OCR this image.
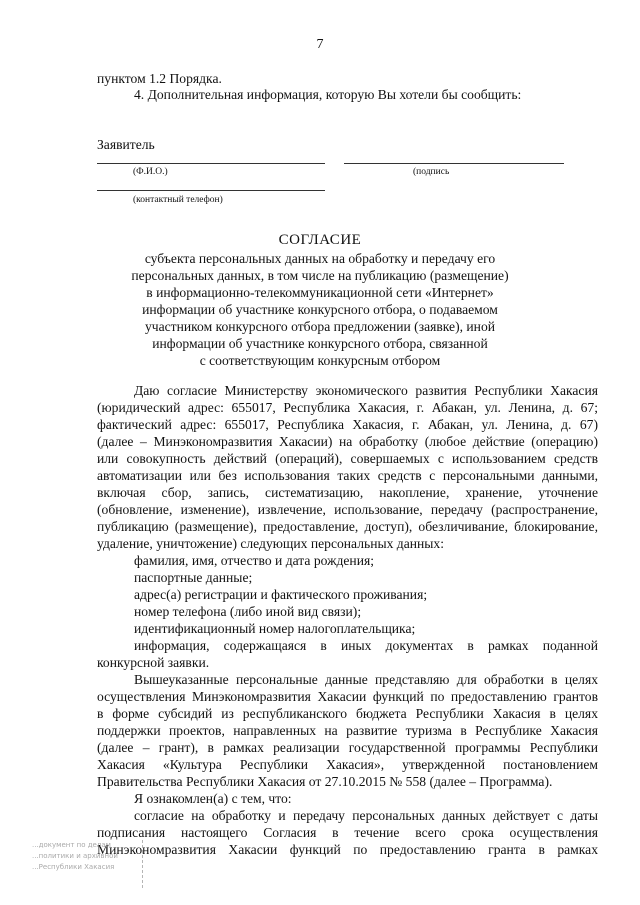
7
пунктом 1.2 Порядка.
4. Дополнительная информация, которую Вы хотели бы сообщить:
Заявитель
(Ф.И.О.)	(подпись
(контактный телефон)
СОГЛАСИЕ
субъекта персональных данных на обработку и передачу его
персональных данных, в том числе на публикацию (размещение)
в информационно-телекоммуникационной сети «Интернет»
информации об участнике конкурсного отбора, о подаваемом
участником конкурсного отбора предложении (заявке), иной
информации об участнике конкурсного отбора, связанной
с соответствующим конкурсным отбором
Даю согласие Министерству экономического развития Республики Хакасия
(юридический адрес: 655017, Республика Хакасия, г. Абакан, ул. Ленина, д. 67;
фактический адрес: 655017, Республика Хакасия, г. Абакан, ул. Ленина, д. 67)
(далее – Минэкономразвития Хакасии) на обработку (любое действие (операцию)
или совокупность действий (операций), совершаемых с использованием средств
автоматизации или без использования таких средств с персональными данными,
включая сбор, запись, систематизацию, накопление, хранение, уточнение
(обновление, изменение), извлечение, использование, передачу (распространение,
публикацию (размещение), предоставление, доступ), обезличивание, блокирование,
удаление, уничтожение) следующих персональных данных:
фамилия, имя, отчество и дата рождения;
паспортные данные;
адрес(а) регистрации и фактического проживания;
номер телефона (либо иной вид связи);
идентификационный номер налогоплательщика;
информация, содержащаяся в иных документах в рамках поданной
конкурсной заявки.
Вышеуказанные персональные данные представляю для обработки в целях
осуществления Минэкономразвития Хакасии функций по предоставлению грантов
в форме субсидий из республиканского бюджета Республики Хакасия в целях
поддержки проектов, направленных на развитие туризма в Республике Хакасия
(далее – грант), в рамках реализации государственной программы Республики
Хакасия «Культура Республики Хакасия», утвержденной постановлением
Правительства Республики Хакасия от 27.10.2015 № 558 (далее – Программа).
Я ознакомлен(а) с тем, что:
согласие на обработку и передачу персональных данных действует с даты
подписания настоящего Согласия в течение всего срока осуществления
Минэкономразвития Хакасии функций по предоставлению гранта в рамках
...документ по делам
...политики и архивной
...Республики Хакасия
